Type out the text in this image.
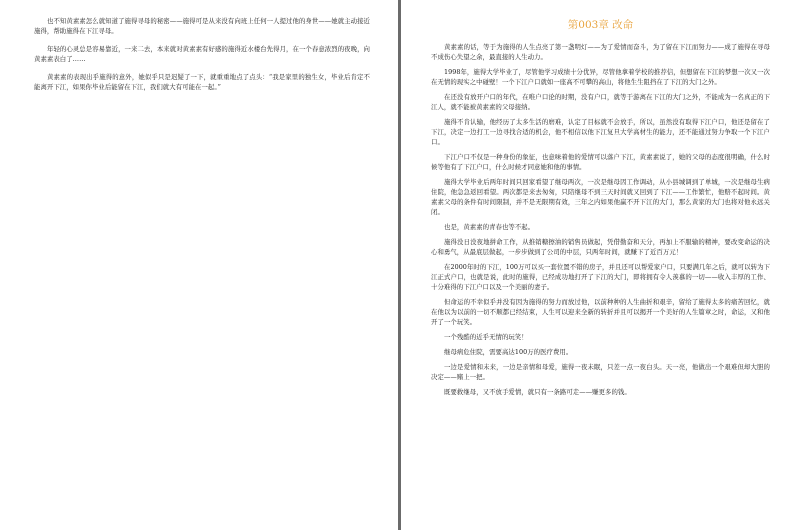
也不知黄素素怎么就知道了施得寻母的秘密——施得可是从来没有向班上任何一人提过他的身世——她就主动接近施得，帮助施得在下江寻母。

年轻的心灵总是容易靠近，一来二去，本来就对黄素素有好感的施得近水楼台先得月，在一个春意浓烈的夜晚，向黄素素表白了……

黄素素的表现出乎施得的意外，她似乎只是迟疑了一下，就重重地点了点头：“我是家里的独生女，毕业后肯定不能离开下江，如果你毕业后能留在下江，我们就大有可能在一起。”

第003章 改命

黄素素的话，等于为施得的人生点亮了第一盏明灯——为了爱情而奋斗，为了留在下江而努力——成了施得在寻母不成伤心失望之余，最直接的人生动力。

1998年，施得大学毕业了，尽管他学习成绩十分优异，尽管他拿着学校的推荐信，但想留在下江的梦想一次又一次在无情的现实之中碰壁！一个下江户口就如一座高不可攀的高山，将他生生阻挡在了下江的大门之外。

在还没有放开户口的年代，在唯户口论的时期，没有户口，就等于游离在下江的大门之外，不能成为一名真正的下江人，就不能被黄素素的父母接纳。

施得不肯认输，他经历了太多生活的磨难，认定了目标就不会放手，所以，虽然没有取得下江户口，他还是留在了下江，决定一边打工一边寻找合适的机会，他不相信以他下江复旦大学高材生的能力，还不能通过努力争取一个下江户口。

下江户口不仅是一种身份的象征，也意味着他的爱情可以落户下江，黄素素说了，她的父母的态度很明确，什么时候等他有了下江户口，什么时候才同意她和他的事情。

施得大学毕业后两年时间只回家看望了继母两次，一次是继母因工作调动，从小县城调到了单城，一次是继母生病住院，他急急返回看望。两次都是来去匆匆，只陪继母不到三天时间就又回到了下江——工作繁忙，他赔不起时间。黄素素父母的条件有时间限制，并不是无限期有效，三年之内如果他赢不开下江的大门，那么黄家的大门也将对他永远关闭。

也是，黄素素的青春也等不起。

施得没日没夜地拼命工作，从推销糖擦油的销售员做起，凭借勤奋和天分，再加上不服输的精神，要改变命运的决心和勇气，从最底层做起，一步步做到了公司的中层，只两年时间，就赚下了近百万元！

在2000年时的下江，100万可以买一套位置不错的房子，并且还可以帮爱家户口，只要满几年之后，就可以转为下江正式户口，也就是说，此时的施得，已经成功地打开了下江的大门，即将拥有令人羡慕的一切——收入丰厚的工作、十分难得的下江户口以及一个美丽的妻子。

但命运的不幸似乎并没有因为施得的努力而放过他，以前种种的人生曲折和艰辛，留给了施得太多的痛苦回忆，就在他以为以前的一切不顺都已经结束，人生可以迎来全新的转折并且可以揭开一个美好的人生篇章之时，命运，又和他开了一个玩笑。

一个残酷的近乎无情的玩笑！

继母病危住院，需要高达100万的医疗费用。

一边是爱情和未来，一边是亲情和母爱，施得一夜未眠，只差一点一夜白头。天一亮，他做出一个艰难但却大胆的决定——赌上一把。

既要救继母，又不放手爱情，就只有一条路可走——赚更多的钱。
